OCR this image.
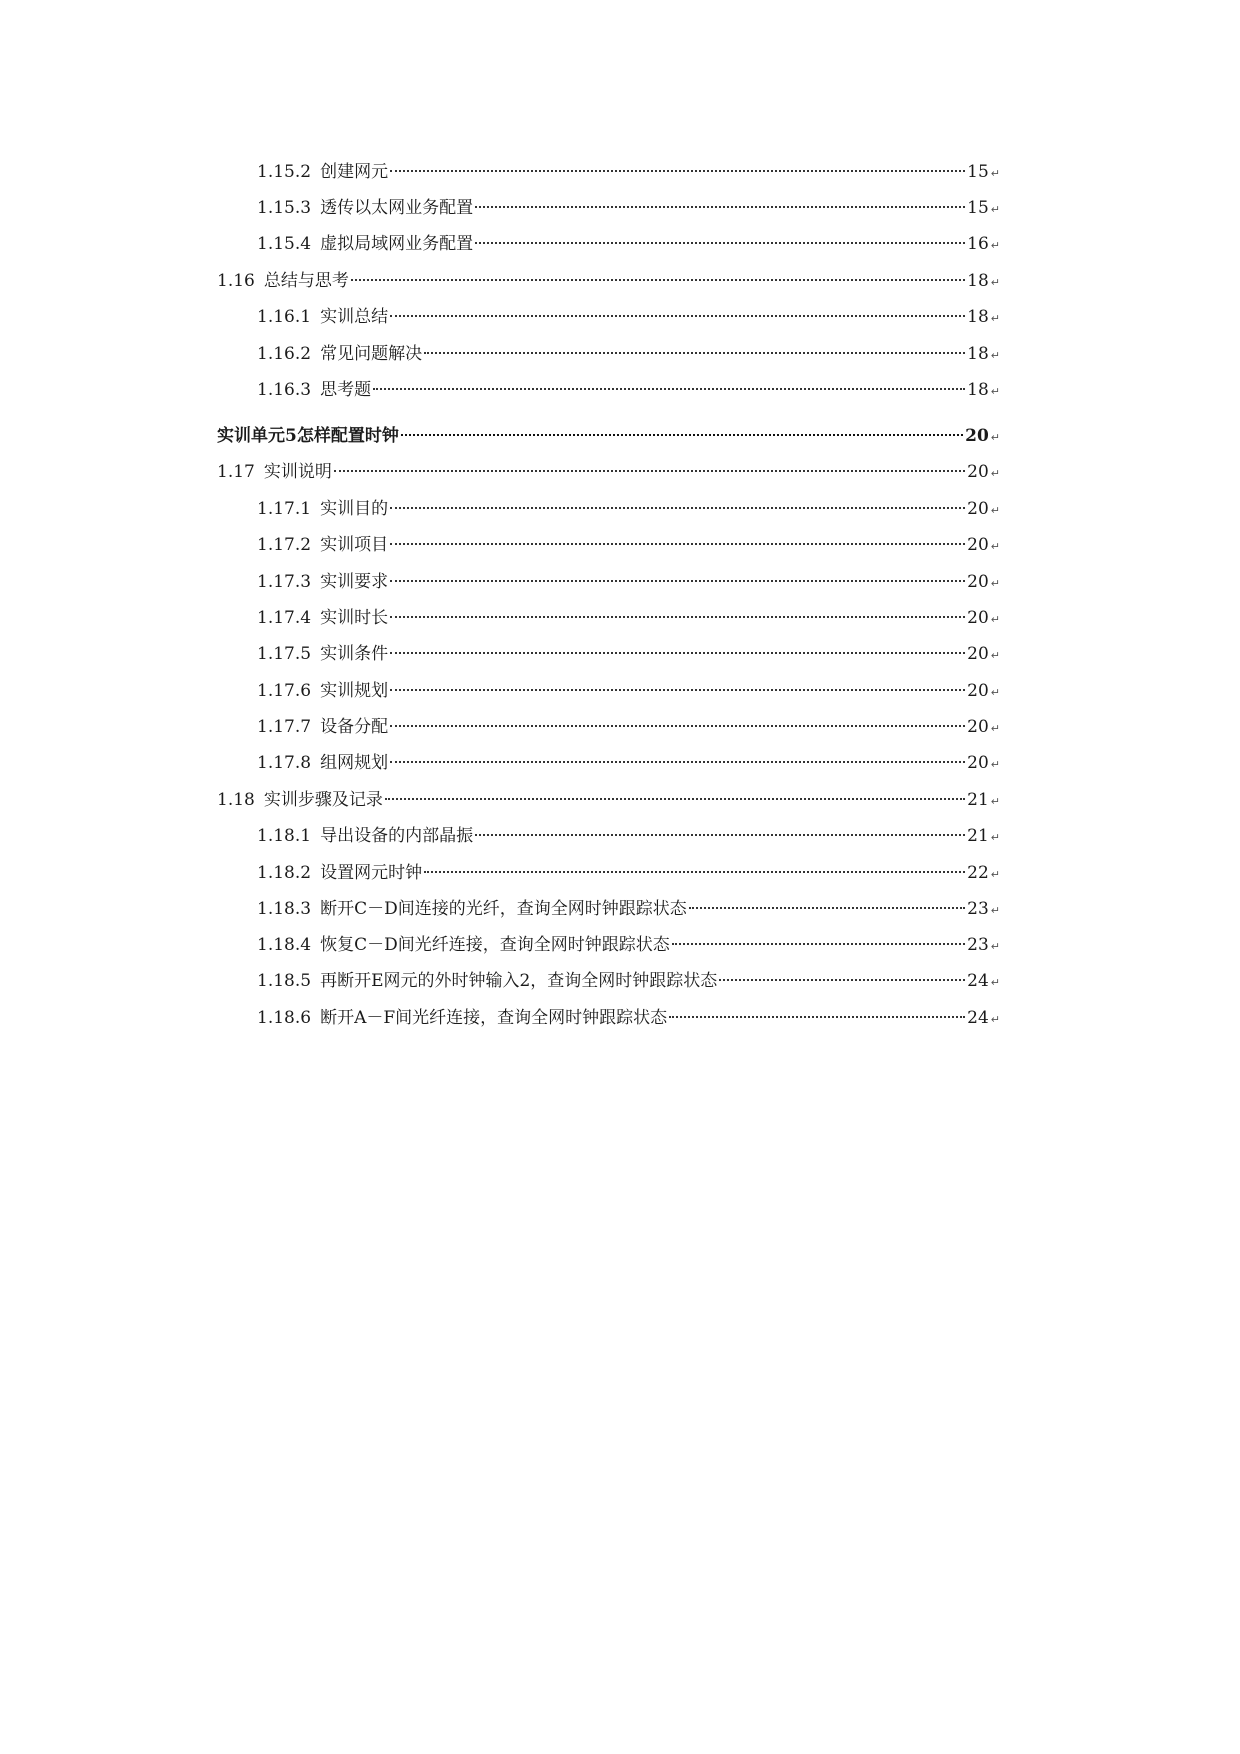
1.15.2 创建网元	15 ↵
1.15.3 透传以太网业务配置	15 ↵
1.15.4 虚拟局域网业务配置	16 ↵
1.16 总结与思考	18 ↵
1.16.1 实训总结	18 ↵
1.16.2 常见问题解决	18 ↵
1.16.3 思考题	18 ↵
实训单元5怎样配置时钟	20 ↵
1.17 实训说明	20 ↵
1.17.1 实训目的	20 ↵
1.17.2 实训项目	20 ↵
1.17.3 实训要求	20 ↵
1.17.4 实训时长	20 ↵
1.17.5 实训条件	20 ↵
1.17.6 实训规划	20 ↵
1.17.7 设备分配	20 ↵
1.17.8 组网规划	20 ↵
1.18 实训步骤及记录	21 ↵
1.18.1 导出设备的内部晶振	21 ↵
1.18.2 设置网元时钟	22 ↵
1.18.3 断开C－D间连接的光纤，查询全网时钟跟踪状态	23 ↵
1.18.4 恢复C－D间光纤连接，查询全网时钟跟踪状态	23 ↵
1.18.5 再断开E网元的外时钟输入2，查询全网时钟跟踪状态	24 ↵
1.18.6 断开A－F间光纤连接，查询全网时钟跟踪状态	24 ↵
